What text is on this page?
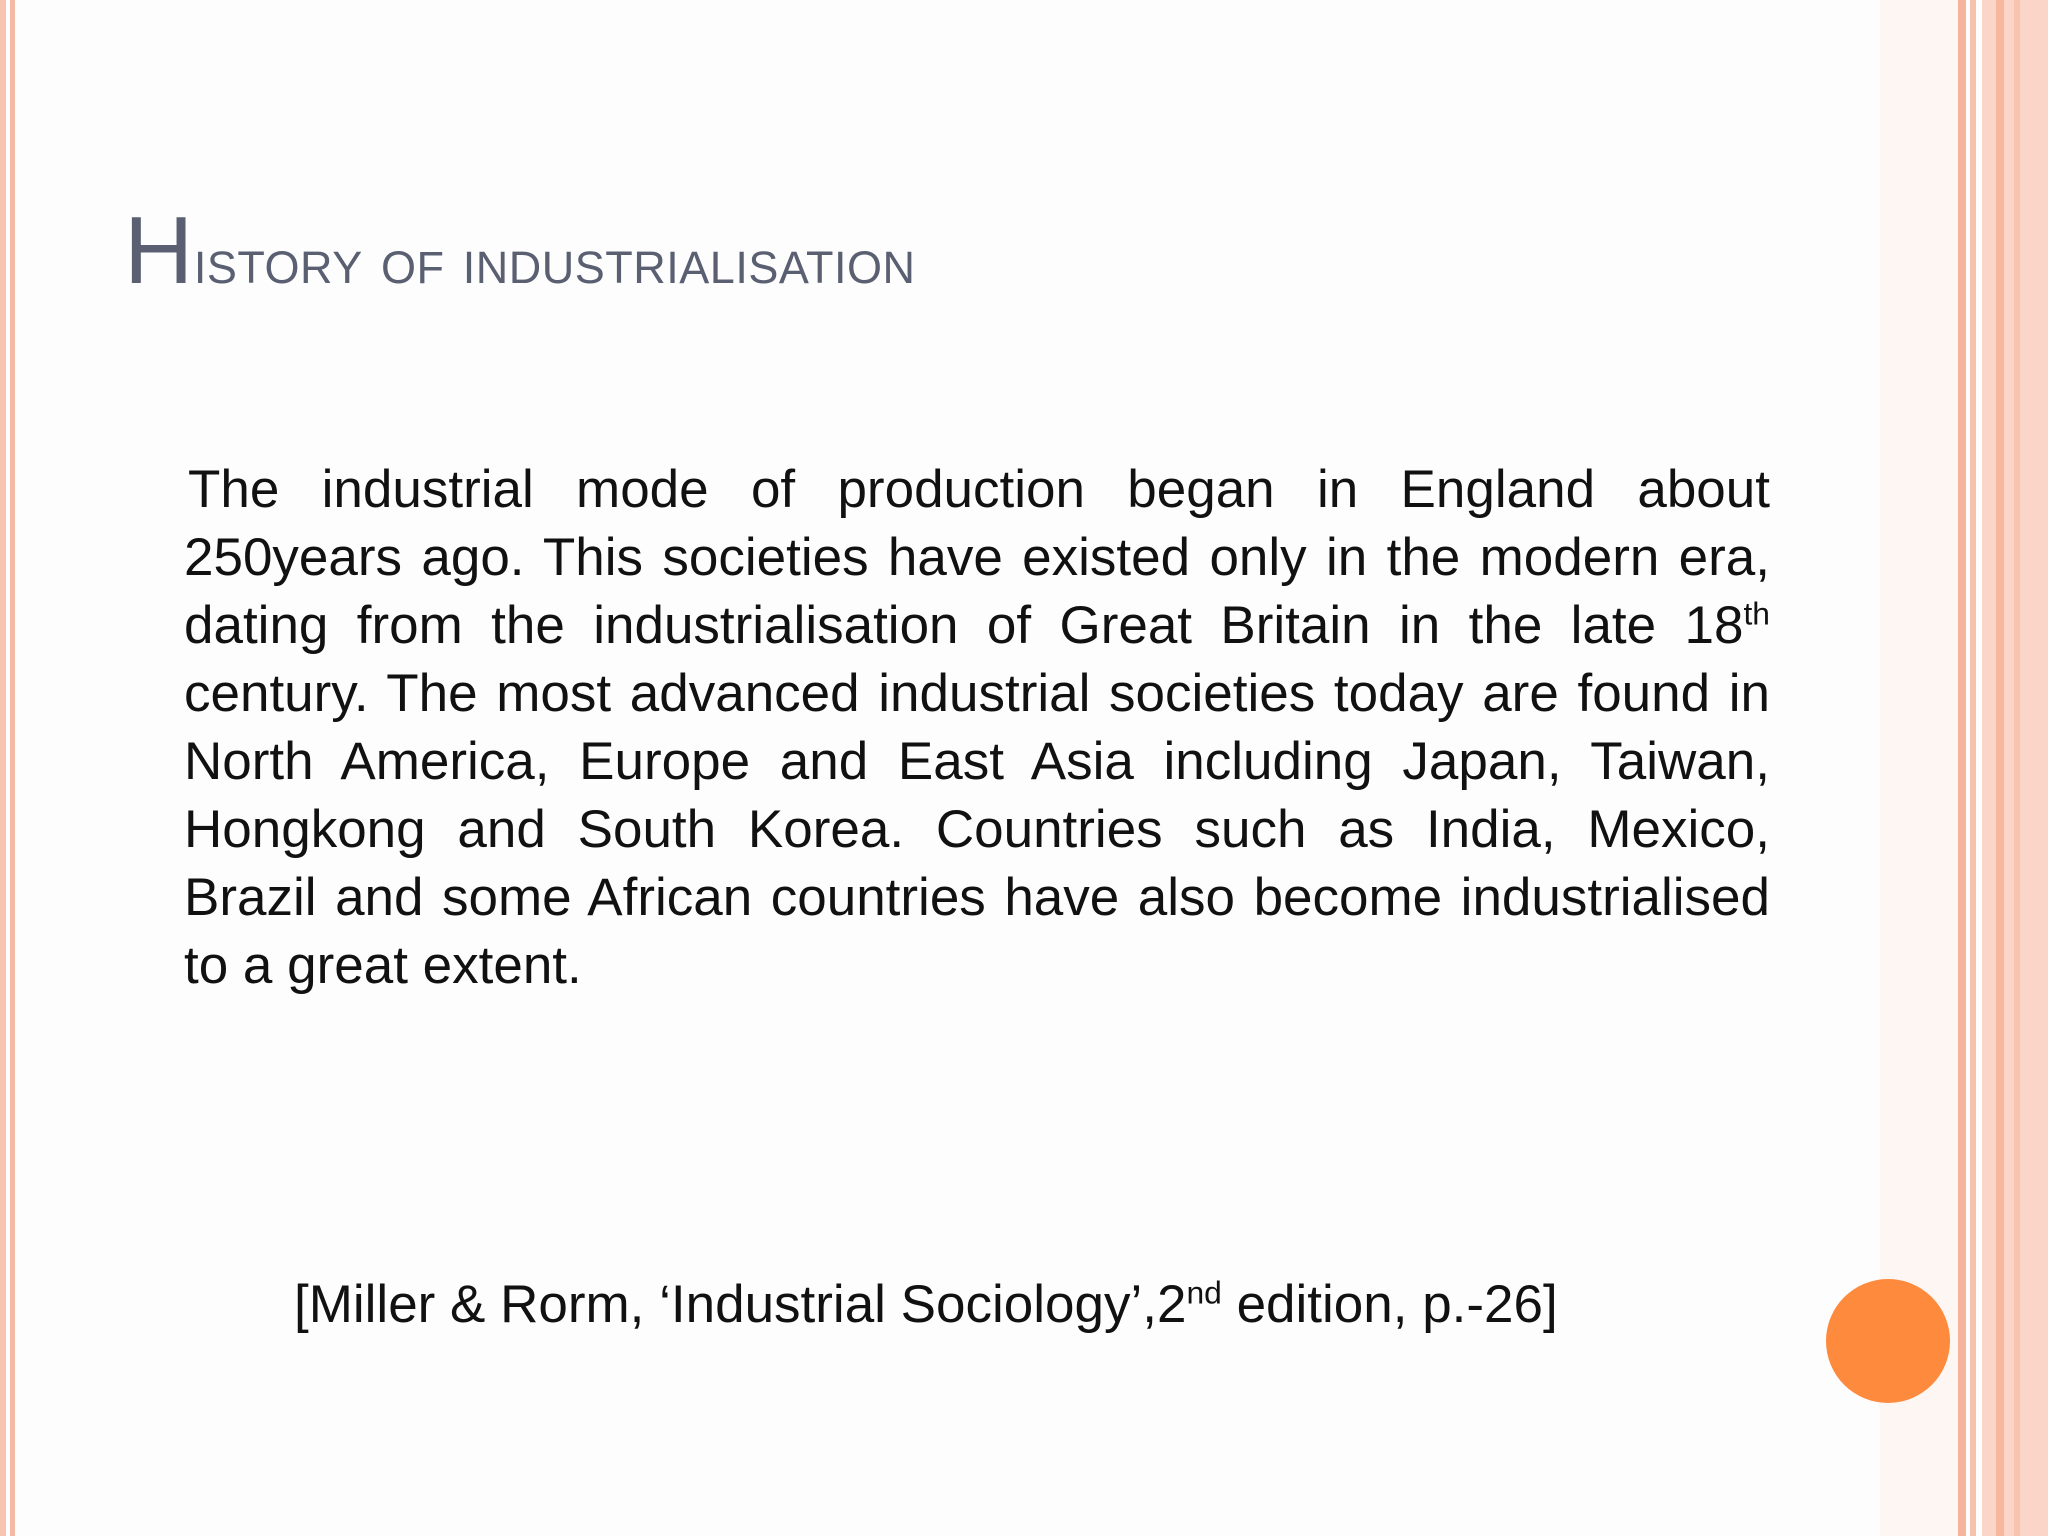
History of industrialisation

The industrial mode of production began in England about 250years ago. This societies have existed only in the modern era, dating from the industrialisation of Great Britain in the late 18th century. The most advanced industrial societies today are found in North America, Europe and East Asia including Japan, Taiwan, Hongkong and South Korea. Countries such as India, Mexico, Brazil and some African countries have also become industrialised to a great extent.

[Miller & Rorm, ‘Industrial Sociology’,2nd edition, p.-26]
